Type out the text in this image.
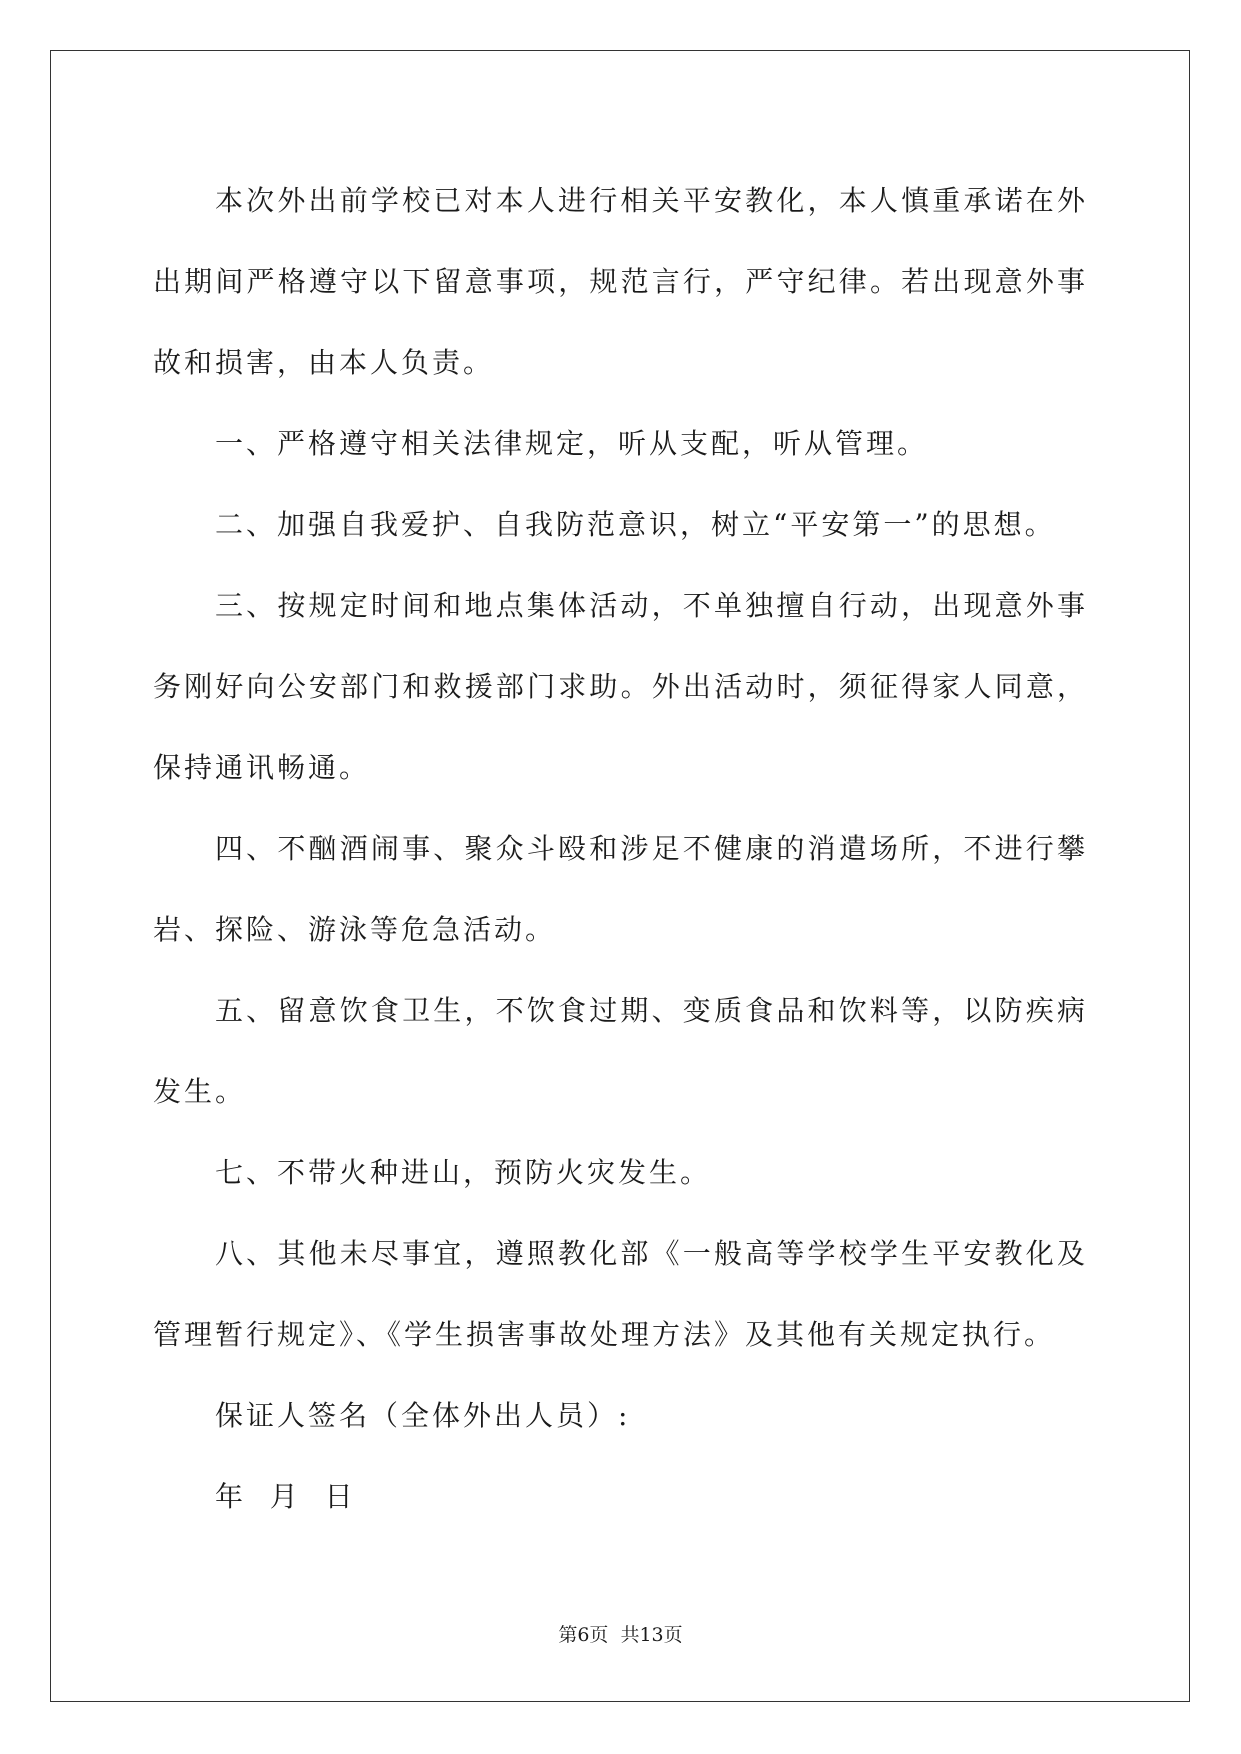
本次外出前学校已对本人进行相关平安教化，本人慎重承诺在外出期间严格遵守以下留意事项，规范言行，严守纪律。若出现意外事故和损害，由本人负责。

一、严格遵守相关法律规定，听从支配，听从管理。

二、加强自我爱护、自我防范意识，树立“平安第一”的思想。

三、按规定时间和地点集体活动，不单独擅自行动，出现意外事务刚好向公安部门和救援部门求助。外出活动时，须征得家人同意，保持通讯畅通。

四、不酗酒闹事、聚众斗殴和涉足不健康的消遣场所，不进行攀岩、探险、游泳等危急活动。

五、留意饮食卫生，不饮食过期、变质食品和饮料等，以防疾病发生。

七、不带火种进山，预防火灾发生。

八、其他未尽事宜，遵照教化部《一般高等学校学生平安教化及管理暂行规定》、《学生损害事故处理方法》及其他有关规定执行。

保证人签名（全体外出人员）:

年  月  日

第6页 共13页
